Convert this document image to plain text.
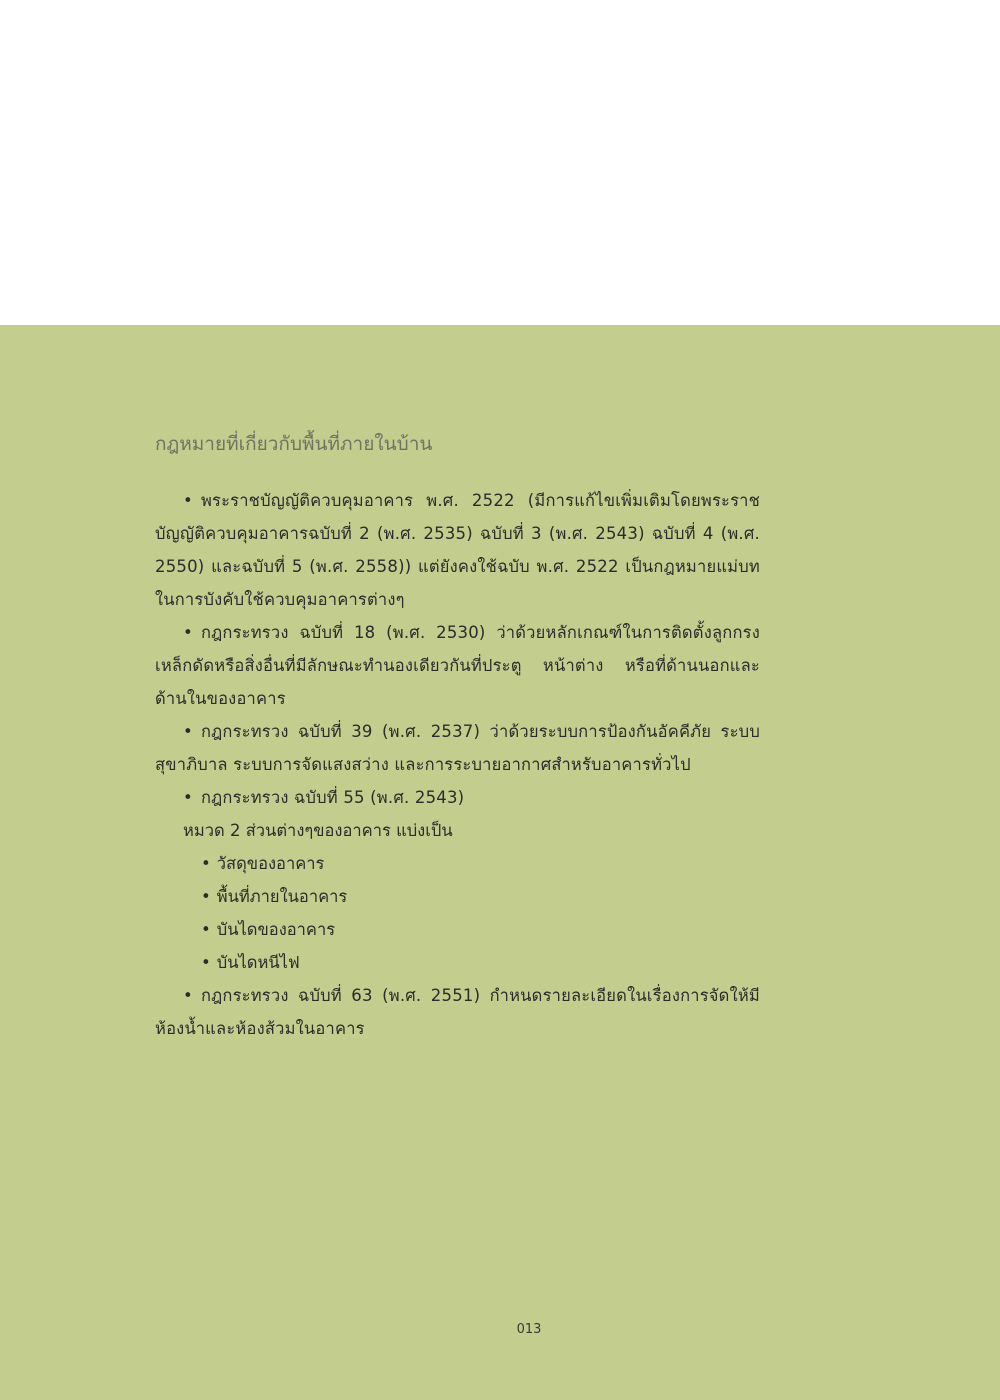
กฎหมายที่เกี่ยวกับพื้นที่ภายในบ้าน

• พระราชบัญญัติควบคุมอาคาร พ.ศ. 2522 (มีการแก้ไขเพิ่มเติมโดยพระราชบัญญัติควบคุมอาคารฉบับที่ 2 (พ.ศ. 2535) ฉบับที่ 3 (พ.ศ. 2543) ฉบับที่ 4 (พ.ศ. 2550) และฉบับที่ 5 (พ.ศ. 2558)) แต่ยังคงใช้ฉบับ พ.ศ. 2522 เป็นกฎหมายแม่บทในการบังคับใช้ควบคุมอาคารต่างๆ

• กฎกระทรวง ฉบับที่ 18 (พ.ศ. 2530) ว่าด้วยหลักเกณฑ์ในการติดตั้งลูกกรงเหล็กดัดหรือสิ่งอื่นที่มีลักษณะทำนองเดียวกันที่ประตู หน้าต่าง หรือที่ด้านนอกและด้านในของอาคาร

• กฎกระทรวง ฉบับที่ 39 (พ.ศ. 2537) ว่าด้วยระบบการป้องกันอัคคีภัย ระบบสุขาภิบาล ระบบการจัดแสงสว่าง และการระบายอากาศสำหรับอาคารทั่วไป

• กฎกระทรวง ฉบับที่ 55 (พ.ศ. 2543)

หมวด 2 ส่วนต่างๆของอาคาร แบ่งเป็น

• วัสดุของอาคาร
• พื้นที่ภายในอาคาร
• บันไดของอาคาร
• บันไดหนีไฟ

• กฎกระทรวง ฉบับที่ 63 (พ.ศ. 2551) กำหนดรายละเอียดในเรื่องการจัดให้มีห้องน้ำและห้องส้วมในอาคาร

013
